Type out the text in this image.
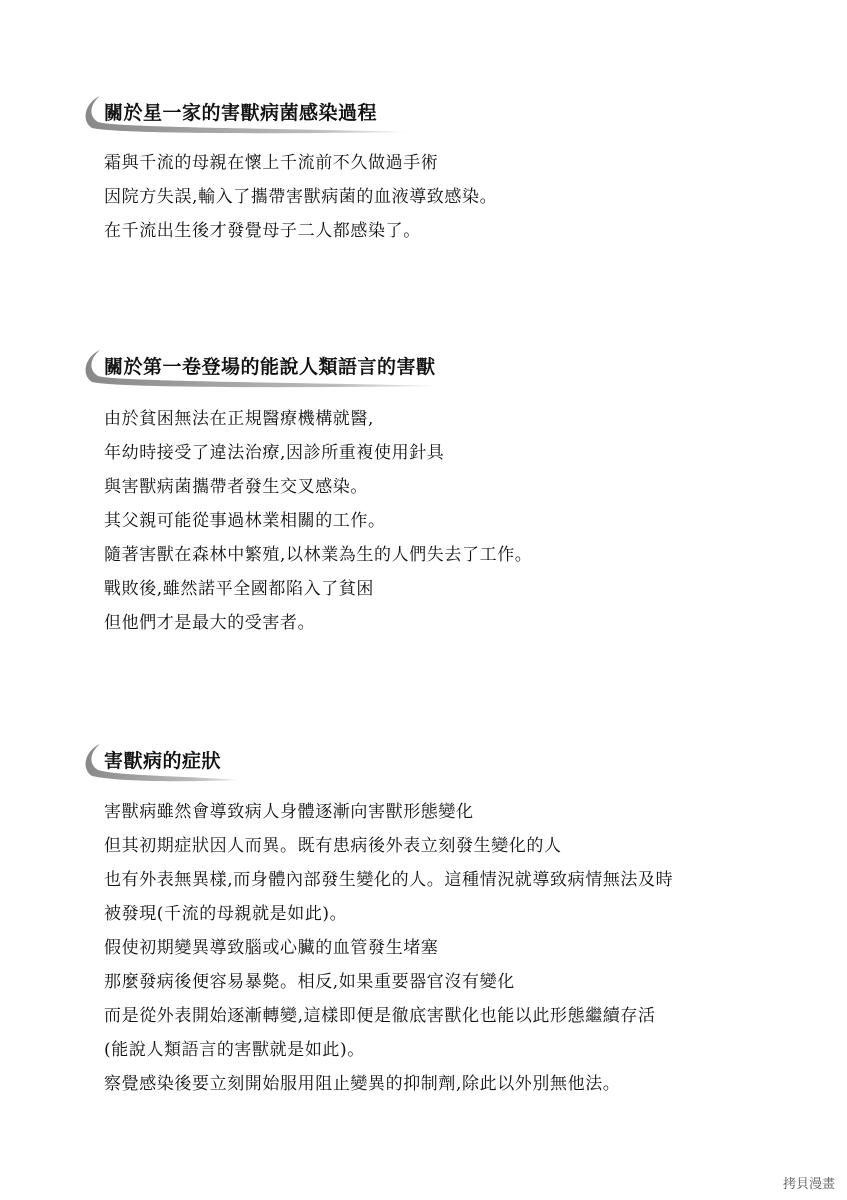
關於星一家的害獸病菌感染過程
霜與千流的母親在懷上千流前不久做過手術
因院方失誤,輸入了攜帶害獸病菌的血液導致感染。
在千流出生後才發覺母子二人都感染了。
關於第一卷登場的能說人類語言的害獸
由於貧困無法在正規醫療機構就醫,
年幼時接受了違法治療,因診所重複使用針具
與害獸病菌攜帶者發生交叉感染。
其父親可能從事過林業相關的工作。
隨著害獸在森林中繁殖,以林業為生的人們失去了工作。
戰敗後,雖然諾平全國都陷入了貧困
但他們才是最大的受害者。
害獸病的症狀
害獸病雖然會導致病人身體逐漸向害獸形態變化
但其初期症狀因人而異。既有患病後外表立刻發生變化的人
也有外表無異樣,而身體內部發生變化的人。這種情況就導致病情無法及時
被發現(千流的母親就是如此)。
假使初期變異導致腦或心臟的血管發生堵塞
那麼發病後便容易暴斃。相反,如果重要器官沒有變化
而是從外表開始逐漸轉變,這樣即便是徹底害獸化也能以此形態繼續存活
(能說人類語言的害獸就是如此)。
察覺感染後要立刻開始服用阻止變異的抑制劑,除此以外別無他法。
拷貝漫畫
